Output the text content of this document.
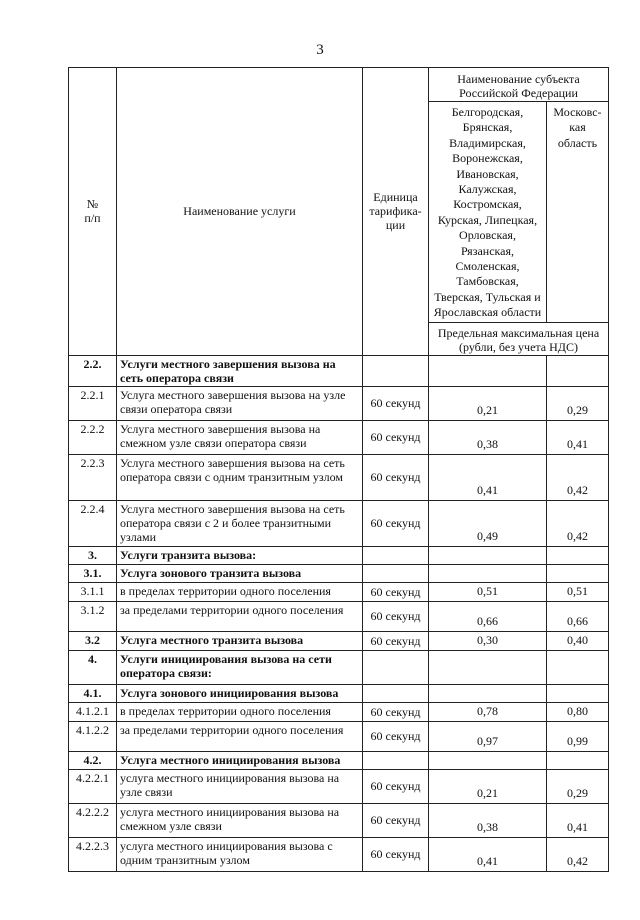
3
№
п/п	Наименование услуги	Единица тарифика-ции	Наименование субъекта Российской Федерации	
			Белгородская, Брянская, Владимирская, Воронежская, Ивановская, Калужская, Костромская, Курская, Липецкая, Орловская, Рязанская, Смоленская, Тамбовская, Тверская, Тульская и Ярославская области	Московс-кая область
			Предельная максимальная цена (рубли, без учета НДС)	
2.2.	Услуги местного завершения вызова на сеть оператора связи			
2.2.1	Услуга местного завершения вызова на узле связи оператора связи	60 секунд	0,21	0,29
2.2.2	Услуга местного завершения вызова на смежном узле связи оператора связи	60 секунд	0,38	0,41
2.2.3	Услуга местного завершения вызова на сеть оператора связи с одним транзитным узлом	60 секунд	0,41	0,42
2.2.4	Услуга местного завершения вызова на сеть оператора связи с 2 и более транзитными узлами	60 секунд	0,49	0,42
3.	Услуги транзита вызова:			
3.1.	Услуга зонового транзита вызова			
3.1.1	в пределах территории одного поселения	60 секунд	0,51	0,51
3.1.2	за пределами территории одного поселения	60 секунд	0,66	0,66
3.2	Услуга местного транзита вызова	60 секунд	0,30	0,40
4.	Услуги инициирования вызова на сети оператора связи:			
4.1.	Услуга зонового инициирования вызова			
4.1.2.1	в пределах территории одного поселения	60 секунд	0,78	0,80
4.1.2.2	за пределами территории одного поселения	60 секунд	0,97	0,99
4.2.	Услуга местного инициирования вызова			
4.2.2.1	услуга местного инициирования вызова на узле связи	60 секунд	0,21	0,29
4.2.2.2	услуга местного инициирования вызова на смежном узле связи	60 секунд	0,38	0,41
4.2.2.3	услуга местного инициирования вызова с одним транзитным узлом	60 секунд	0,41	0,42
